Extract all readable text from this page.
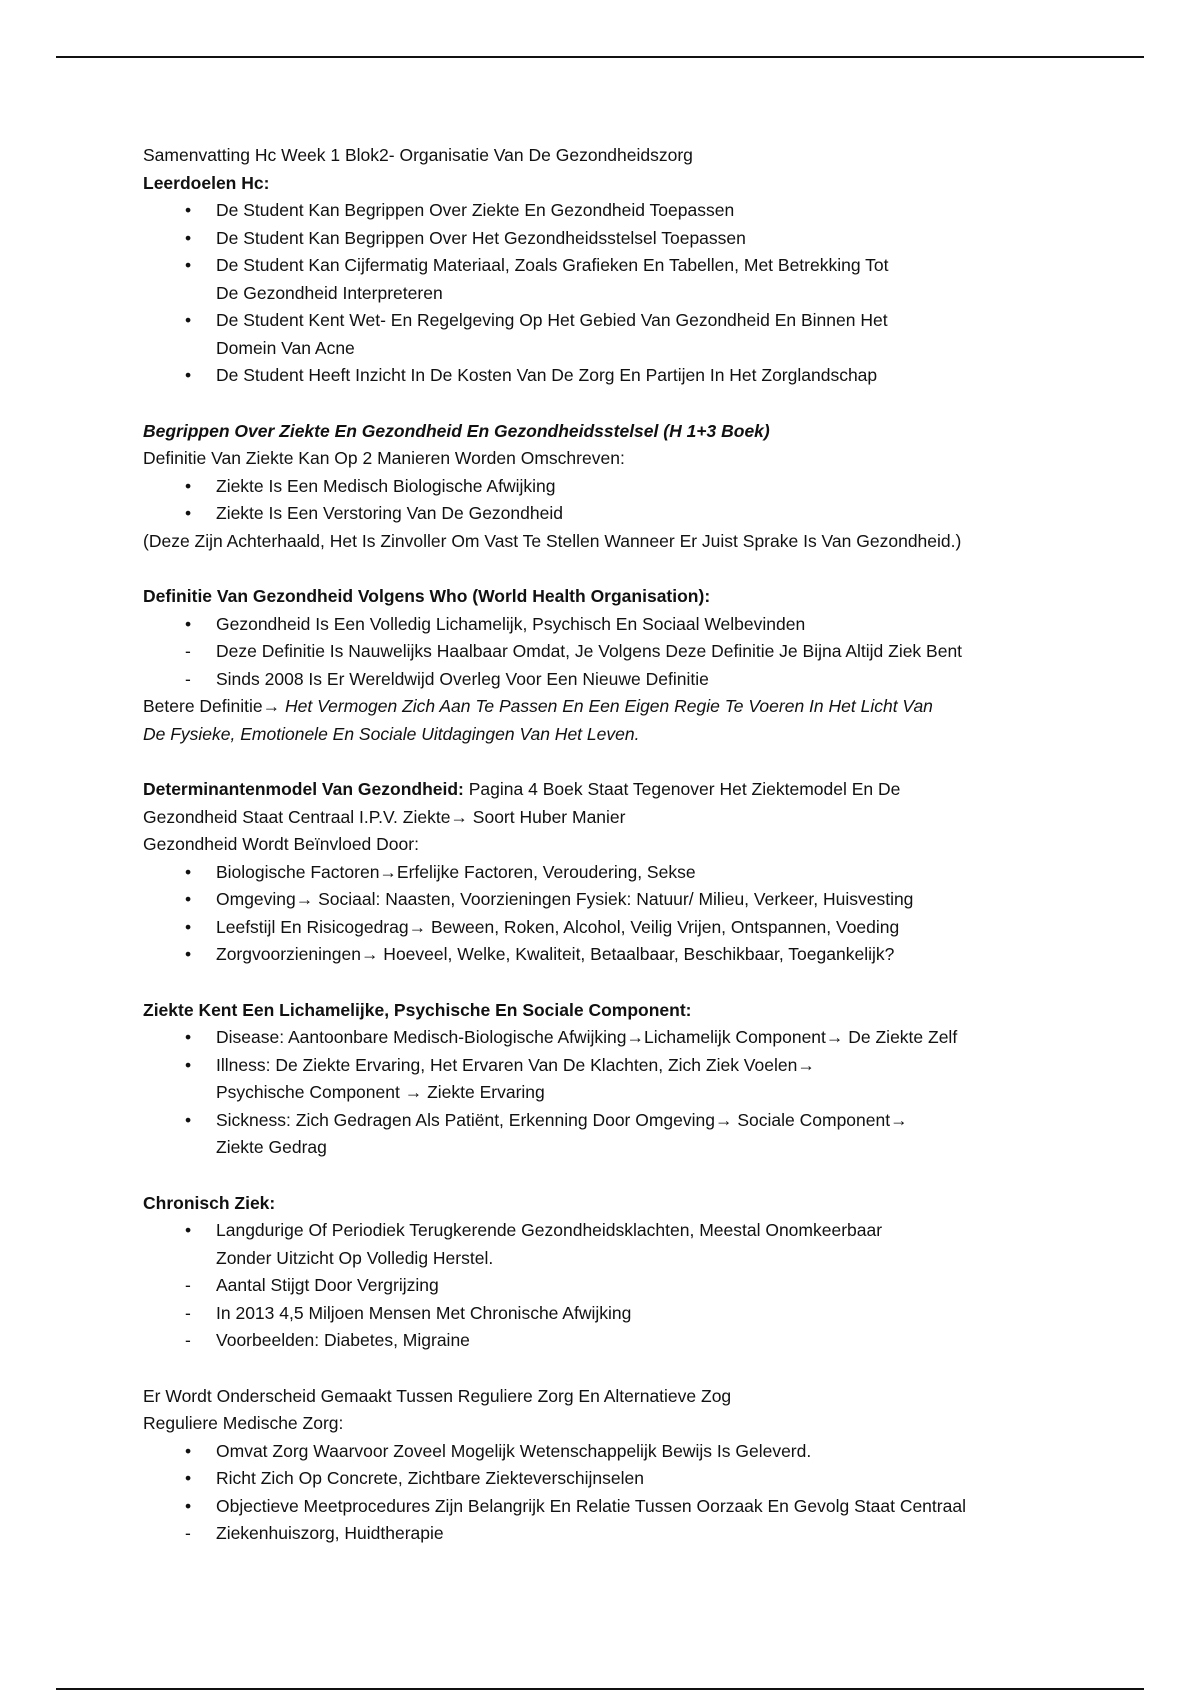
Samenvatting Hc Week 1 Blok2- Organisatie Van De Gezondheidszorg

Leerdoelen Hc:

•	De Student Kan Begrippen Over Ziekte En Gezondheid Toepassen
•	De Student Kan Begrippen Over Het Gezondheidsstelsel Toepassen
•	De Student Kan Cijfermatig Materiaal, Zoals Grafieken En Tabellen, Met Betrekking Tot
De Gezondheid Interpreteren
•	De Student Kent Wet- En Regelgeving Op Het Gebied Van Gezondheid En Binnen Het
Domein Van Acne
•	De Student Heeft Inzicht In De Kosten Van De Zorg En Partijen In Het Zorglandschap

Begrippen Over Ziekte En Gezondheid En Gezondheidsstelsel (H 1+3 Boek)

Definitie Van Ziekte Kan Op 2 Manieren Worden Omschreven:

•	Ziekte Is Een Medisch Biologische Afwijking
•	Ziekte Is Een Verstoring Van De Gezondheid

(Deze Zijn Achterhaald, Het Is Zinvoller Om Vast Te Stellen Wanneer Er Juist Sprake Is Van Gezondheid.)

Definitie Van Gezondheid Volgens Who (World Health Organisation):

•	Gezondheid Is Een Volledig Lichamelijk, Psychisch En Sociaal Welbevinden
-	Deze Definitie Is Nauwelijks Haalbaar Omdat, Je Volgens Deze Definitie Je Bijna Altijd Ziek Bent
-	Sinds 2008 Is Er Wereldwijd Overleg Voor Een Nieuwe Definitie

Betere Definitie→ Het Vermogen Zich Aan Te Passen En Een Eigen Regie Te Voeren In Het Licht Van

De Fysieke, Emotionele En Sociale Uitdagingen Van Het Leven.

Determinantenmodel Van Gezondheid: Pagina 4 Boek Staat Tegenover Het Ziektemodel En De

Gezondheid Staat Centraal I.P.V. Ziekte→ Soort Huber Manier

Gezondheid Wordt Beïnvloed Door:

•	Biologische Factoren→Erfelijke Factoren, Veroudering, Sekse
•	Omgeving→ Sociaal: Naasten, Voorzieningen Fysiek: Natuur/ Milieu, Verkeer, Huisvesting
•	Leefstijl En Risicogedrag→ Beween, Roken, Alcohol, Veilig Vrijen, Ontspannen, Voeding
•	Zorgvoorzieningen→ Hoeveel, Welke, Kwaliteit, Betaalbaar, Beschikbaar, Toegankelijk?

Ziekte Kent Een Lichamelijke, Psychische En Sociale Component:

•	Disease: Aantoonbare Medisch-Biologische Afwijking→Lichamelijk Component→ De Ziekte Zelf
•	Illness: De Ziekte Ervaring, Het Ervaren Van De Klachten, Zich Ziek Voelen→
Psychische Component → Ziekte Ervaring
•	Sickness: Zich Gedragen Als Patiënt, Erkenning Door Omgeving→ Sociale Component→
Ziekte Gedrag

Chronisch Ziek:

•	Langdurige Of Periodiek Terugkerende Gezondheidsklachten, Meestal Onomkeerbaar
Zonder Uitzicht Op Volledig Herstel.
-	Aantal Stijgt Door Vergrijzing
-	In 2013 4,5 Miljoen Mensen Met Chronische Afwijking
-	Voorbeelden: Diabetes, Migraine

Er Wordt Onderscheid Gemaakt Tussen Reguliere Zorg En Alternatieve Zog

Reguliere Medische Zorg:

•	Omvat Zorg Waarvoor Zoveel Mogelijk Wetenschappelijk Bewijs Is Geleverd.
•	Richt Zich Op Concrete, Zichtbare Ziekteverschijnselen
•	Objectieve Meetprocedures Zijn Belangrijk En Relatie Tussen Oorzaak En Gevolg Staat Centraal
-	Ziekenhuiszorg, Huidtherapie
